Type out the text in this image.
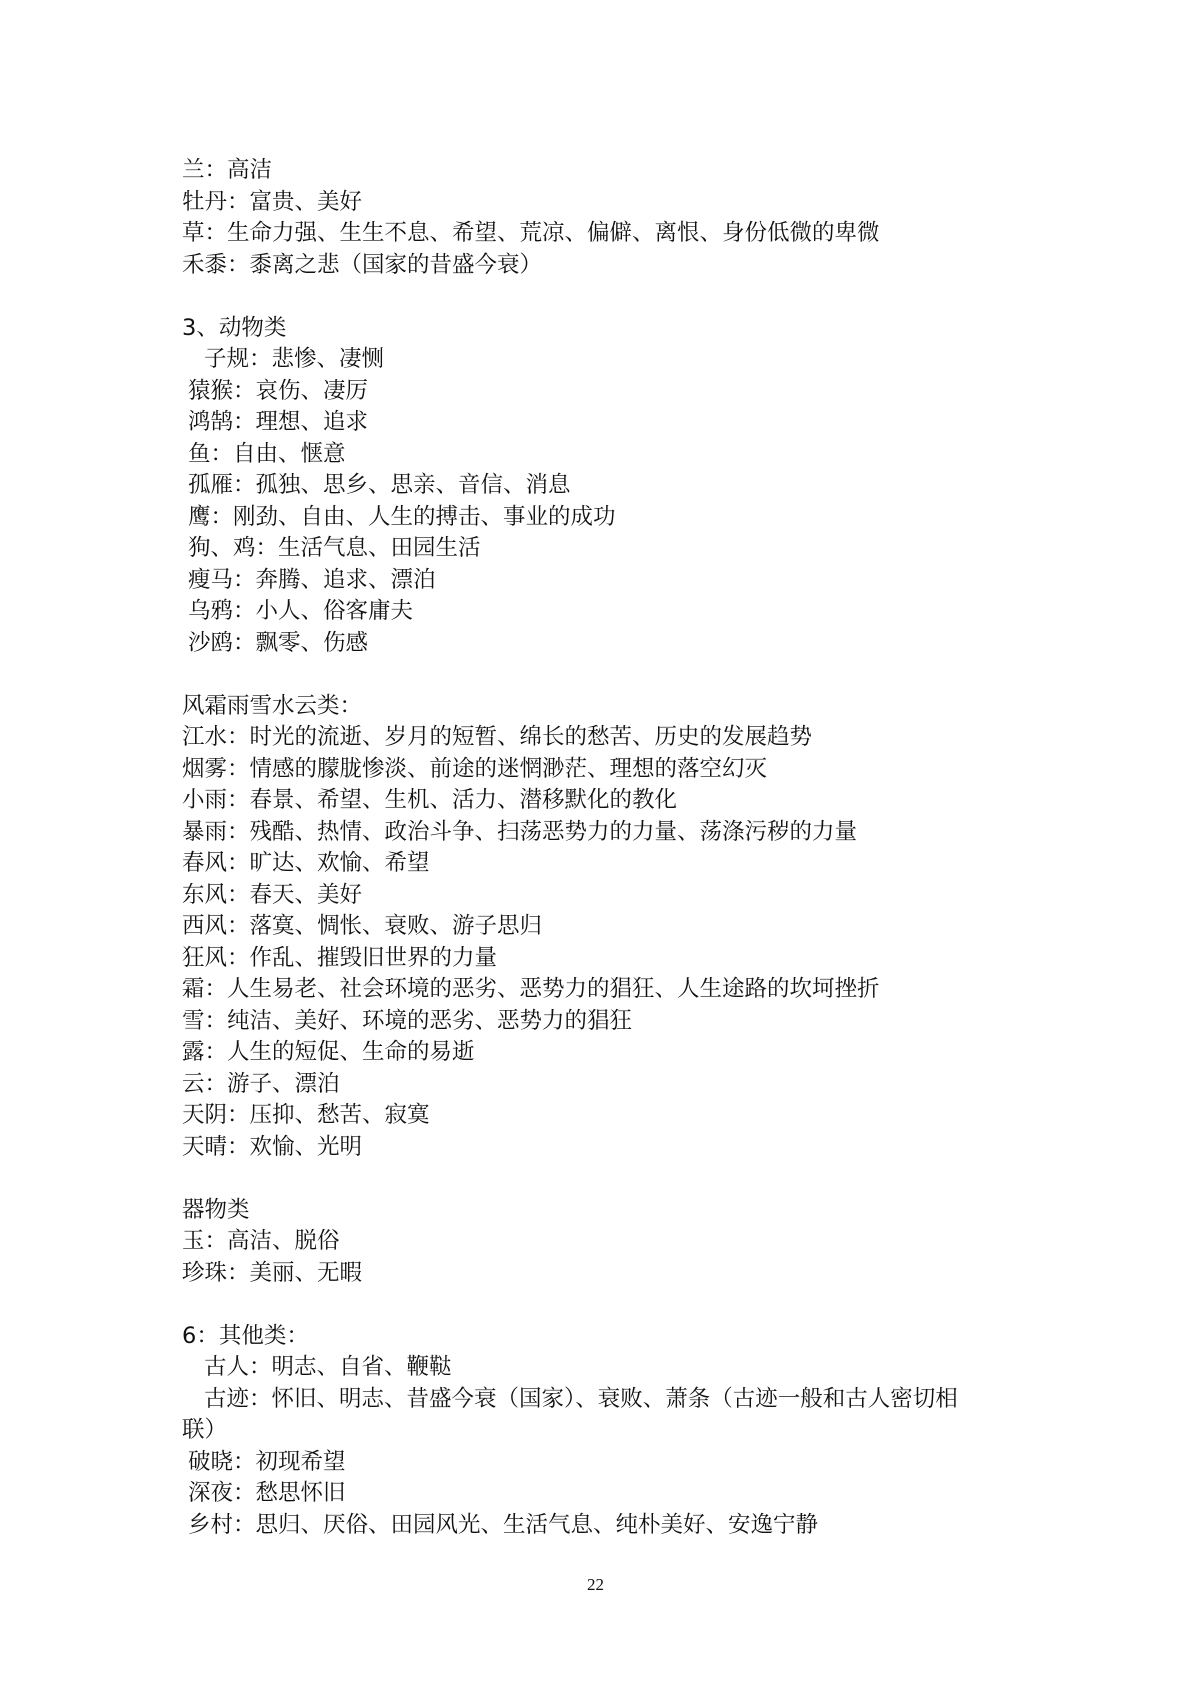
兰：高洁
牡丹：富贵、美好
草：生命力强、生生不息、希望、荒凉、偏僻、离恨、身份低微的卑微
禾黍：黍离之悲（国家的昔盛今衰）
3、动物类
子规：悲惨、凄恻
猿猴：哀伤、凄厉
鸿鹄：理想、追求
鱼：自由、惬意
孤雁：孤独、思乡、思亲、音信、消息
鹰：刚劲、自由、人生的搏击、事业的成功
狗、鸡：生活气息、田园生活
瘦马：奔腾、追求、漂泊
乌鸦：小人、俗客庸夫
沙鸥：飘零、伤感
风霜雨雪水云类：
江水：时光的流逝、岁月的短暂、绵长的愁苦、历史的发展趋势
烟雾：情感的朦胧惨淡、前途的迷惘渺茫、理想的落空幻灭
小雨：春景、希望、生机、活力、潜移默化的教化
暴雨：残酷、热情、政治斗争、扫荡恶势力的力量、荡涤污秽的力量
春风：旷达、欢愉、希望
东风：春天、美好
西风：落寞、惆怅、衰败、游子思归
狂风：作乱、摧毁旧世界的力量
霜：人生易老、社会环境的恶劣、恶势力的猖狂、人生途路的坎坷挫折
雪：纯洁、美好、环境的恶劣、恶势力的猖狂
露：人生的短促、生命的易逝
云：游子、漂泊
天阴：压抑、愁苦、寂寞
天晴：欢愉、光明
器物类
玉：高洁、脱俗
珍珠：美丽、无暇
6：其他类：
古人：明志、自省、鞭鞑
古迹：怀旧、明志、昔盛今衰（国家）、衰败、萧条（古迹一般和古人密切相
联）
破晓：初现希望
深夜：愁思怀旧
乡村：思归、厌俗、田园风光、生活气息、纯朴美好、安逸宁静
22
